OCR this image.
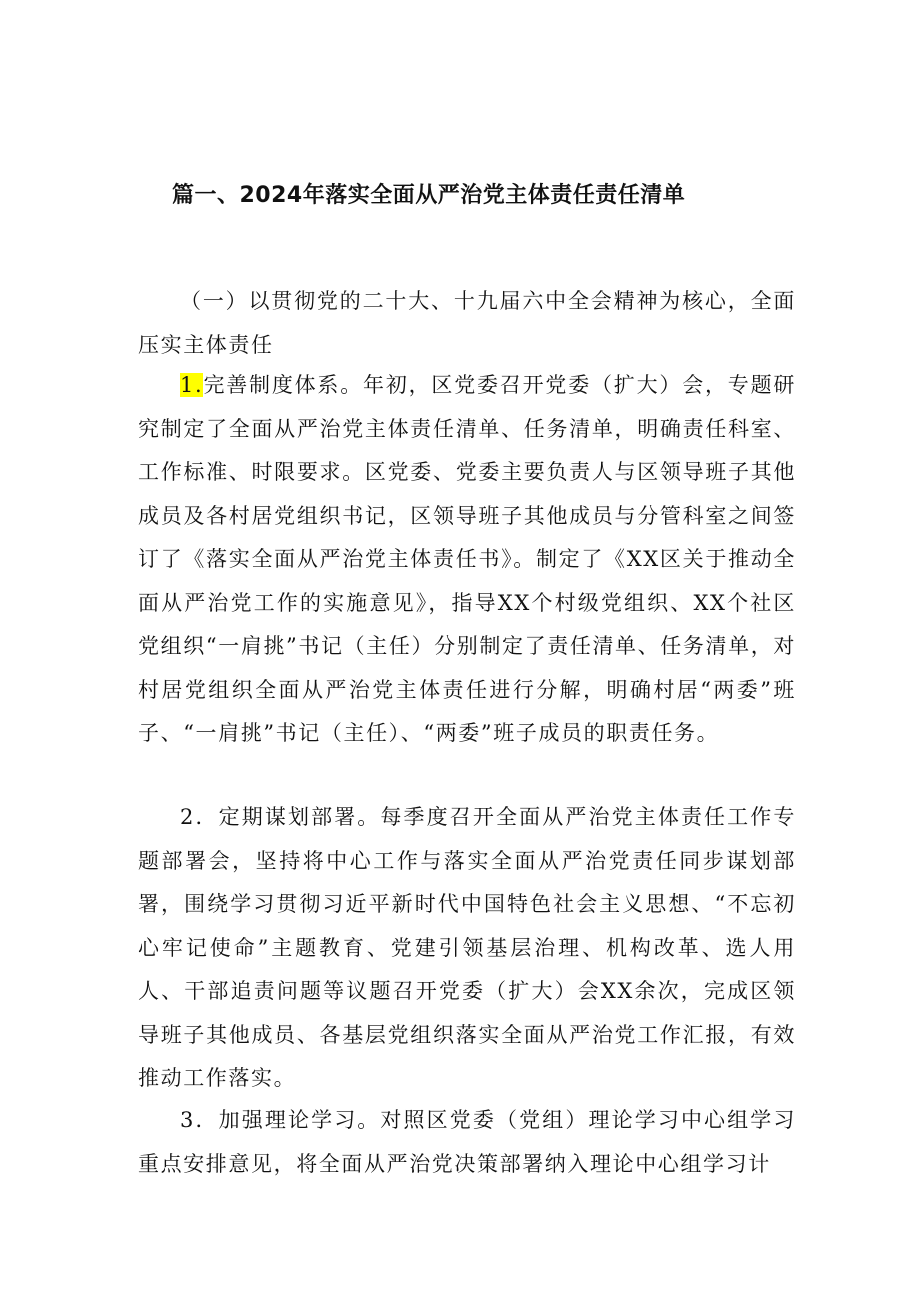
篇一、2024年落实全面从严治党主体责任责任清单

（一）以贯彻党的二十大、十九届六中全会精神为核心，全面压实主体责任

1.完善制度体系。年初，区党委召开党委（扩大）会，专题研究制定了全面从严治党主体责任清单、任务清单，明确责任科室、工作标准、时限要求。区党委、党委主要负责人与区领导班子其他成员及各村居党组织书记，区领导班子其他成员与分管科室之间签订了《落实全面从严治党主体责任书》。制定了《XX区关于推动全面从严治党工作的实施意见》，指导XX个村级党组织、XX个社区党组织“一肩挑”书记（主任）分别制定了责任清单、任务清单，对村居党组织全面从严治党主体责任进行分解，明确村居“两委”班子、“一肩挑”书记（主任）、“两委”班子成员的职责任务。

2．定期谋划部署。每季度召开全面从严治党主体责任工作专题部署会，坚持将中心工作与落实全面从严治党责任同步谋划部署，围绕学习贯彻习近平新时代中国特色社会主义思想、“不忘初心牢记使命”主题教育、党建引领基层治理、机构改革、选人用人、干部追责问题等议题召开党委（扩大）会XX余次，完成区领导班子其他成员、各基层党组织落实全面从严治党工作汇报，有效推动工作落实。

3．加强理论学习。对照区党委（党组）理论学习中心组学习重点安排意见，将全面从严治党决策部署纳入理论中心组学习计
